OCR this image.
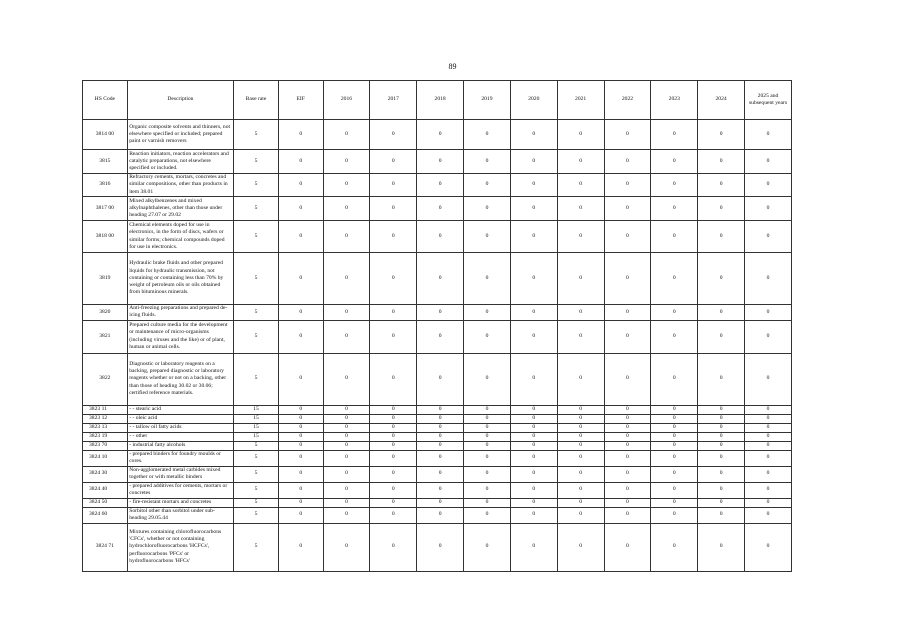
89
HS Code	Description	Base rate	EIF	2016	2017	2018	2019	2020	2021	2022	2023	2024	2025 and subsequent years
3814 00	Organic composite solvents and thinners, not elsewhere specified or included; prepared paint or varnish removers	5	0	0	0	0	0	0	0	0	0	0	0
3815	Reaction initiators, reaction accelerators and catalytic preparations, not elsewhere specified or included.	5	0	0	0	0	0	0	0	0	0	0	0
3816	Refractory cements, mortars, concretes and similar compositions, other than products in item 38.01	5	0	0	0	0	0	0	0	0	0	0	0
3817 00	Mixed alkylbenzenes and mixed alkylnaphthalenes, other than those under heading 27.07 or 29.02	5	0	0	0	0	0	0	0	0	0	0	0
3818 00	Chemical elements doped for use in electronics, in the form of discs, wafers or similar forms; chemical compounds doped for use in electronics.	5	0	0	0	0	0	0	0	0	0	0	0
3819	Hydraulic brake fluids and other prepared liquids for hydraulic transmission, not containing or containing less than 70% by weight of petroleum oils or oils obtained from bituminous minerals.	5	0	0	0	0	0	0	0	0	0	0	0
3820	Anti-freezing preparations and prepared de-icing fluids.	5	0	0	0	0	0	0	0	0	0	0	0
3821	Prepared culture media for the development or maintenance of micro-organisms (including viruses and the like) or of plant, human or animal cells.	5	0	0	0	0	0	0	0	0	0	0	0
3822	Diagnostic or laboratory reagents on a backing, prepared diagnostic or laboratory reagents whether or not on a backing, other than those of heading 30.02 or 30.06; certified reference materials.	5	0	0	0	0	0	0	0	0	0	0	0
3823 11	- - stearic acid	15	0	0	0	0	0	0	0	0	0	0	0
3823 12	- - oleic acid	15	0	0	0	0	0	0	0	0	0	0	0
3823 13	- - tallow oil fatty acids	15	0	0	0	0	0	0	0	0	0	0	0
3823 19	- - other	15	0	0	0	0	0	0	0	0	0	0	0
3823 70	- industrial fatty alcohols	5	0	0	0	0	0	0	0	0	0	0	0
3824 10	- prepared binders for foundry moulds or cores.	5	0	0	0	0	0	0	0	0	0	0	0
3824 30	Non-agglomerated metal carbides mixed together or with metallic binders	5	0	0	0	0	0	0	0	0	0	0	0
3824 40	- prepared additives for cements, mortars or concretes	5	0	0	0	0	0	0	0	0	0	0	0
3824 50	- fire-resistant mortars and concretes	5	0	0	0	0	0	0	0	0	0	0	0
3824 60	Sorbitol other than sorbitol under sub-heading 29.05.44	5	0	0	0	0	0	0	0	0	0	0	0
3824 71	Mixtures containing chlorofluorocarbons 'CFCs', whether or not containing hydrochlorofluorocarbons 'HCFCs', perfluorocarbons 'PFCs' or hydrofluorocarbons 'HFCs'	5	0	0	0	0	0	0	0	0	0	0	0
